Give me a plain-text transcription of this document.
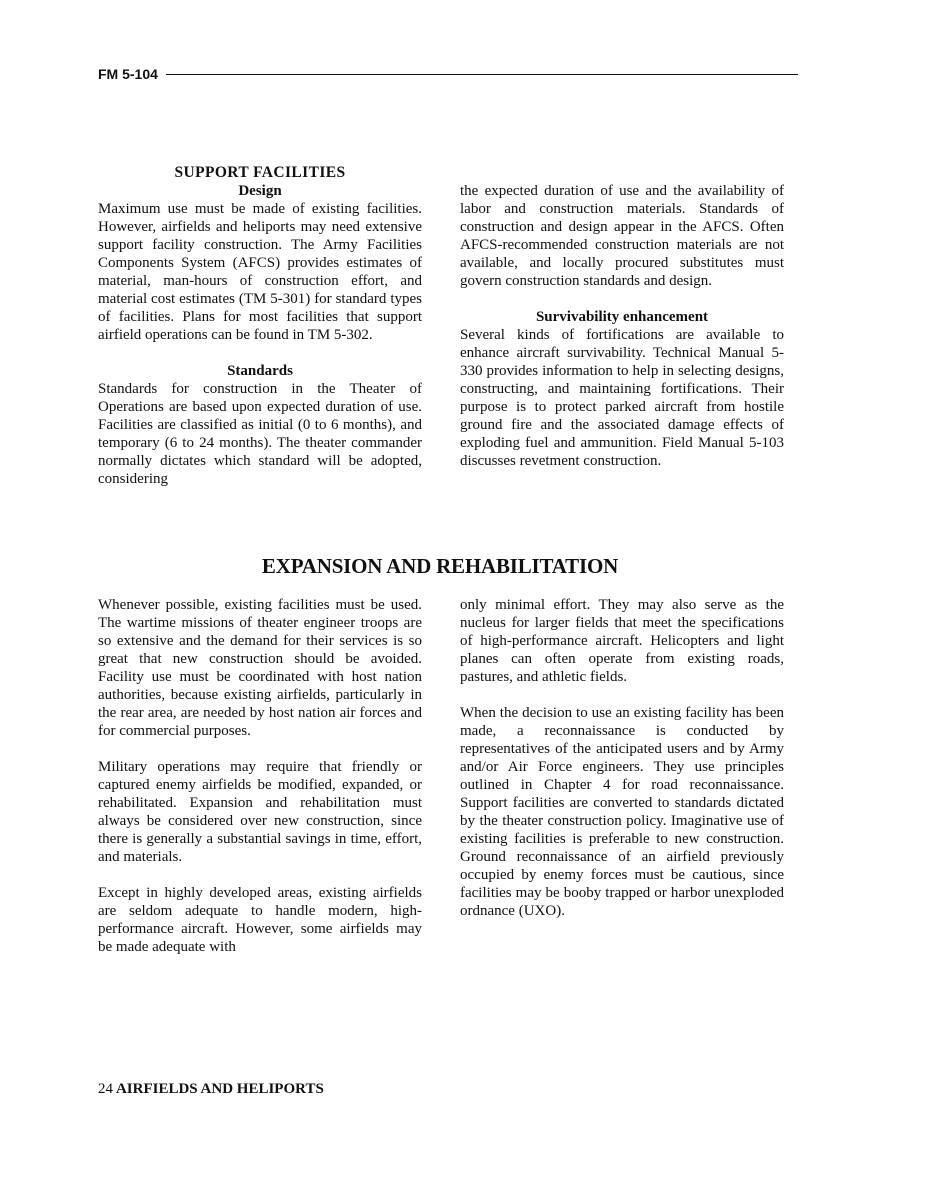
FM 5-104

SUPPORT FACILITIES

Design

Maximum use must be made of existing facilities. However, airfields and heliports may need extensive support facility construction. The Army Facilities Components System (AFCS) provides estimates of material, man-hours of construction effort, and material cost estimates (TM 5-301) for standard types of facilities. Plans for most facilities that support airfield operations can be found in TM 5-302.

Standards

Standards for construction in the Theater of Operations are based upon expected duration of use. Facilities are classified as initial (0 to 6 months), and temporary (6 to 24 months). The theater commander normally dictates which standard will be adopted, considering

the expected duration of use and the availability of labor and construction materials. Standards of construction and design appear in the AFCS. Often AFCS-recommended construction materials are not available, and locally procured substitutes must govern construction standards and design.

Survivability enhancement

Several kinds of fortifications are available to enhance aircraft survivability. Technical Manual 5-330 provides information to help in selecting designs, constructing, and maintaining fortifications. Their purpose is to protect parked aircraft from hostile ground fire and the associated damage effects of exploding fuel and ammunition. Field Manual 5-103 discusses revetment construction.

EXPANSION AND REHABILITATION

Whenever possible, existing facilities must be used. The wartime missions of theater engineer troops are so extensive and the demand for their services is so great that new construction should be avoided. Facility use must be coordinated with host nation authorities, because existing airfields, particularly in the rear area, are needed by host nation air forces and for commercial purposes.

Military operations may require that friendly or captured enemy airfields be modified, expanded, or rehabilitated. Expansion and rehabilitation must always be considered over new construction, since there is generally a substantial savings in time, effort, and materials.

Except in highly developed areas, existing airfields are seldom adequate to handle modern, high-performance aircraft. However, some airfields may be made adequate with

only minimal effort. They may also serve as the nucleus for larger fields that meet the specifications of high-performance aircraft. Helicopters and light planes can often operate from existing roads, pastures, and athletic fields.

When the decision to use an existing facility has been made, a reconnaissance is conducted by representatives of the anticipated users and by Army and/or Air Force engineers. They use principles outlined in Chapter 4 for road reconnaissance. Support facilities are converted to standards dictated by the theater construction policy. Imaginative use of existing facilities is preferable to new construction. Ground reconnaissance of an airfield previously occupied by enemy forces must be cautious, since facilities may be booby trapped or harbor unexploded ordnance (UXO).

24 AIRFIELDS AND HELIPORTS
